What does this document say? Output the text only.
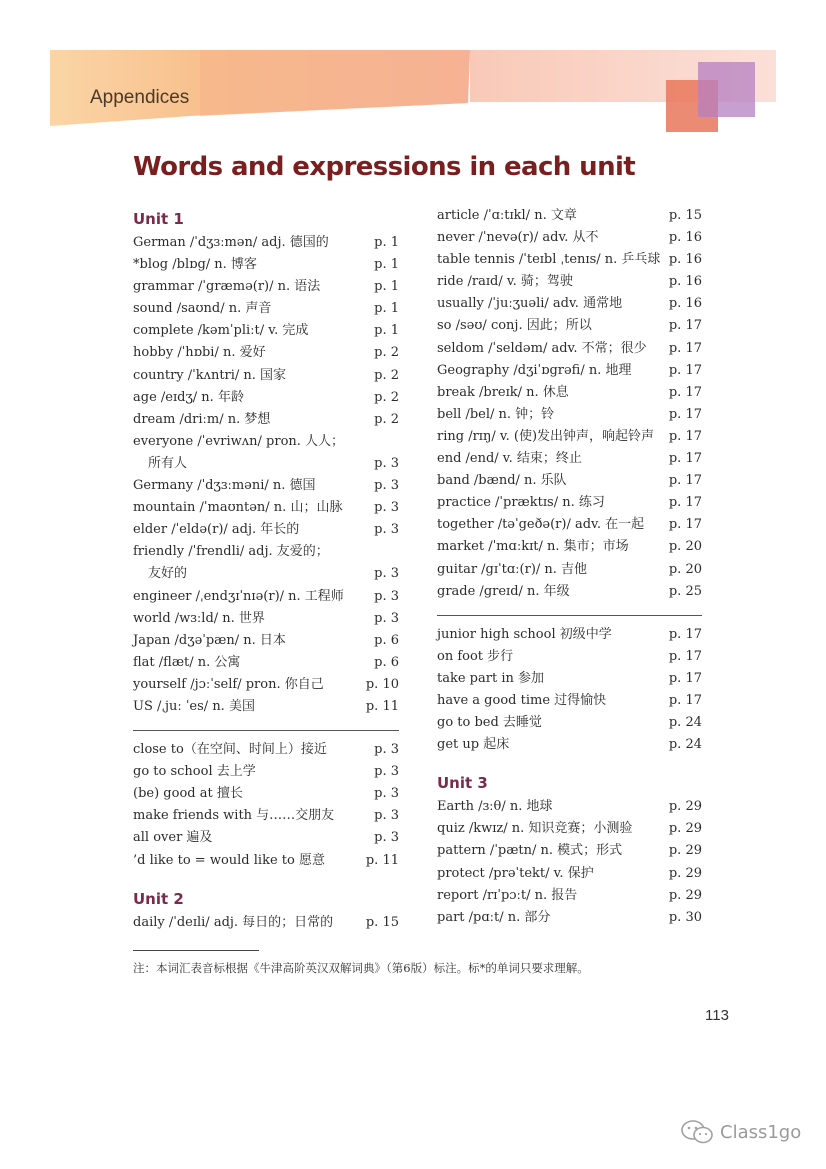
Appendices
Words and expressions in each unit
Unit 1
German /ˈdʒɜːmən/ adj. 德国的	p. 1
*blog /blɒg/ n. 博客	p. 1
grammar /ˈgræmə(r)/ n. 语法	p. 1
sound /saʊnd/ n. 声音	p. 1
complete /kəmˈpliːt/ v. 完成	p. 1
hobby /ˈhɒbi/ n. 爱好	p. 2
country /ˈkʌntri/ n. 国家	p. 2
age /eɪdʒ/ n. 年龄	p. 2
dream /driːm/ n. 梦想	p. 2
everyone /ˈevriwʌn/ pron. 人人；
所有人	p. 3
Germany /ˈdʒɜːməni/ n. 德国	p. 3
mountain /ˈmaʊntən/ n. 山；山脉 p. 3
elder /ˈeldə(r)/ adj. 年长的	p. 3
friendly /ˈfrendli/ adj. 友爱的；
友好的	p. 3
engineer /ˌendʒɪˈnɪə(r)/ n. 工程师 p. 3
world /wɜːld/ n. 世界	p. 3
Japan /dʒəˈpæn/ n. 日本	p. 6
flat /flæt/ n. 公寓	p. 6
yourself /jɔːˈself/ pron. 你自己	p. 10
US /ˌjuː ˈes/ n. 美国	p. 11
close to（在空间、时间上）接近	p. 3
go to school 去上学	p. 3
(be) good at 擅长	p. 3
make friends with 与……交朋友	p. 3
all over 遍及	p. 3
’d like to = would like to 愿意	p. 11
Unit 2
daily /ˈdeɪli/ adj. 每日的；日常的	p. 15
article /ˈɑːtɪkl/ n. 文章	p. 15
never /ˈnevə(r)/ adv. 从不	p. 16
table tennis /ˈteɪbl ˌtenɪs/ n. 乒乓球 p. 16
ride /raɪd/ v. 骑；驾驶	p. 16
usually /ˈjuːʒuəli/ adv. 通常地	p. 16
so /səʊ/ conj. 因此；所以	p. 17
seldom /ˈseldəm/ adv. 不常；很少 p. 17
Geography /dʒiˈɒgrəfi/ n. 地理	p. 17
break /breɪk/ n. 休息	p. 17
bell /bel/ n. 钟；铃	p. 17
ring /rɪŋ/ v. (使)发出钟声，响起铃声 p. 17
end /end/ v. 结束；终止	p. 17
band /bænd/ n. 乐队	p. 17
practice /ˈpræktɪs/ n. 练习	p. 17
together /təˈgeðə(r)/ adv. 在一起 p. 17
market /ˈmɑːkɪt/ n. 集市；市场	p. 20
guitar /gɪˈtɑː(r)/ n. 吉他	p. 20
grade /greɪd/ n. 年级	p. 25
junior high school 初级中学	p. 17
on foot 步行	p. 17
take part in 参加	p. 17
have a good time 过得愉快	p. 17
go to bed 去睡觉	p. 24
get up 起床	p. 24
Unit 3
Earth /ɜːθ/ n. 地球	p. 29
quiz /kwɪz/ n. 知识竞赛；小测验	p. 29
pattern /ˈpætn/ n. 模式；形式	p. 29
protect /prəˈtekt/ v. 保护	p. 29
report /rɪˈpɔːt/ n. 报告	p. 29
part /pɑːt/ n. 部分	p. 30
注：本词汇表音标根据《牛津高阶英汉双解词典》（第6版）标注。标*的单词只要求理解。
113
Class1go
